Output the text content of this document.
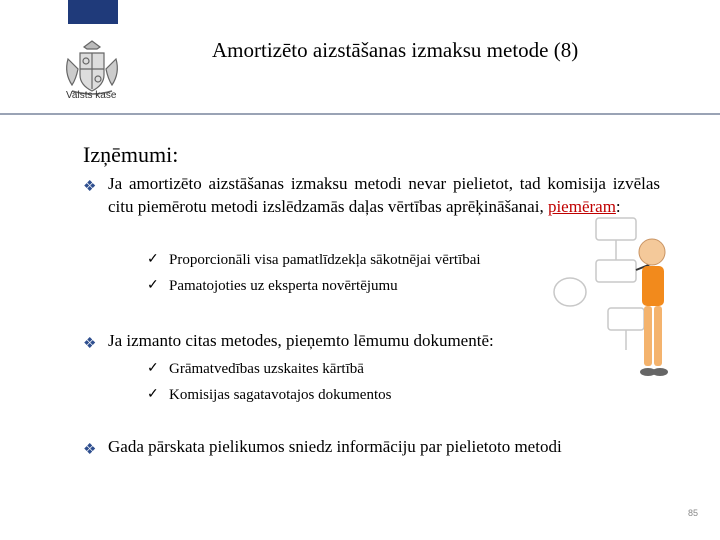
Valsts kase
Amortizēto aizstāšanas izmaksu metode (8)
Izņēmumi:
❖ Ja amortizēto aizstāšanas izmaksu metodi nevar pielietot, tad komisija izvēlas citu piemērotu metodi izslēdzamās daļas vērtības aprēķināšanai, piemēram:
✓ Proporcionāli visa pamatlīdzekļa sākotnējai vērtībai
✓ Pamatojoties uz eksperta novērtējumu
❖ Ja izmanto citas metodes, pieņemto lēmumu dokumentē:
✓ Grāmatvedības uzskaites kārtībā
✓ Komisijas sagatavotajos dokumentos
❖ Gada pārskata pielikumos sniedz informāciju par pielietoto metodi
85
